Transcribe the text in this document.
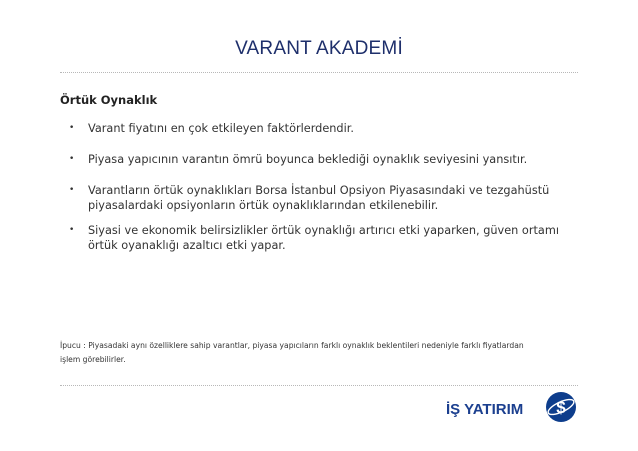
VARANT AKADEMİ
Örtük Oynaklık
• Varant fiyatını en çok etkileyen faktörlerdendir.
• Piyasa yapıcının varantın ömrü boyunca beklediği oynaklık seviyesini yansıtır.
• Varantların örtük oynaklıkları Borsa İstanbul Opsiyon Piyasasındaki ve tezgahüstü piyasalardaki opsiyonların örtük oynaklıklarından etkilenebilir.
• Siyasi ve ekonomik belirsizlikler örtük oynaklığı artırıcı etki yaparken, güven ortamı örtük oyanaklığı azaltıcı etki yapar.
İpucu : Piyasadaki aynı özelliklere sahip varantlar, piyasa yapıcıların farklı oynaklık beklentileri nedeniyle farklı fiyatlardan işlem görebilirler.
İŞ YATIRIM $
